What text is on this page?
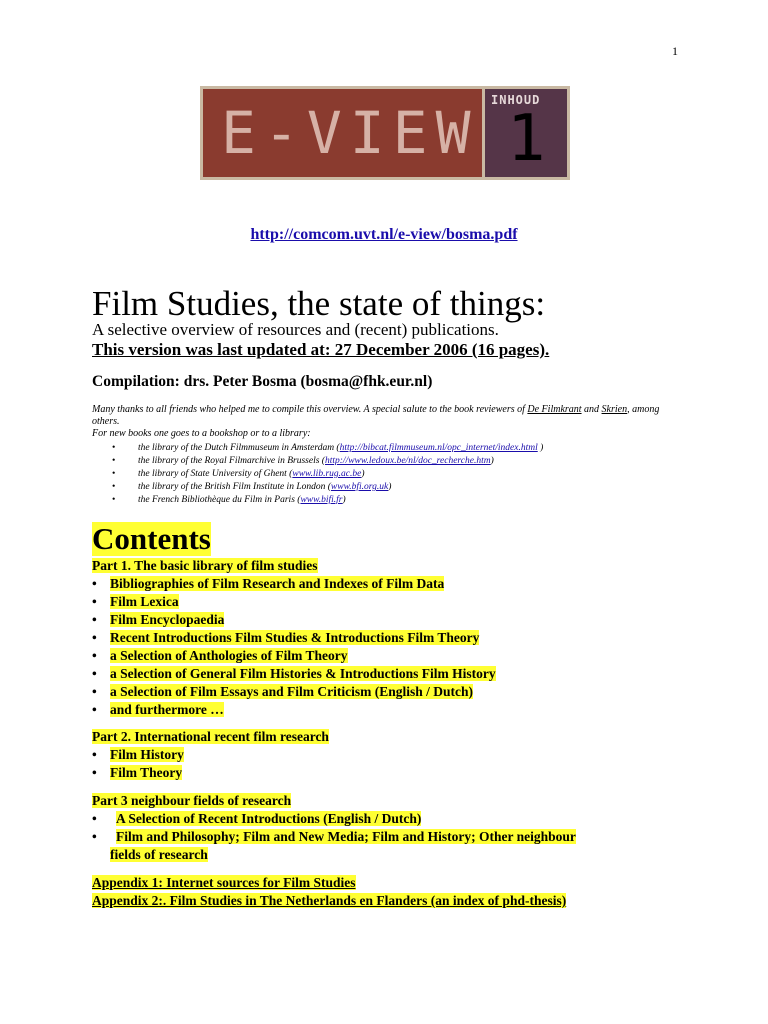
1
E-VIEW INHOUD
1
http://comcom.uvt.nl/e-view/bosma.pdf
Film Studies, the state of things:
A selective overview of resources and (recent) publications.
This version was last updated at: 27 December 2006 (16 pages).
Compilation: drs. Peter Bosma (bosma@fhk.eur.nl)
Many thanks to all friends who helped me to compile this overview. A special salute to the book reviewers of De Filmkrant and Skrien, among others.
For new books one goes to a bookshop or to a library:
• the library of the Dutch Filmmuseum in Amsterdam (http://bibcat.filmmuseum.nl/opc_internet/index.html )
• the library of the Royal Filmarchive in Brussels (http://www.ledoux.be/nl/doc_recherche.htm)
• the library of State University of Ghent (www.lib.rug.ac.be)
• the library of the British Film Institute in London (www.bfi.org.uk)
• the French Bibliothèque du Film in Paris (www.bifi.fr)
Contents
Part 1. The basic library of film studies
• Bibliographies of Film Research and Indexes of Film Data
• Film Lexica
• Film Encyclopaedia
• Recent Introductions Film Studies & Introductions Film Theory
• a Selection of Anthologies of Film Theory
• a Selection of General Film Histories & Introductions Film History
• a Selection of Film Essays and Film Criticism (English / Dutch)
• and furthermore …
Part 2. International recent film research
• Film History
• Film Theory
Part 3 neighbour fields of research
• A Selection of Recent Introductions (English / Dutch)
• Film and Philosophy; Film and New Media; Film and History; Other neighbour
fields of research
Appendix 1: Internet sources for Film Studies
Appendix 2:. Film Studies in The Netherlands en Flanders (an index of phd-thesis)
